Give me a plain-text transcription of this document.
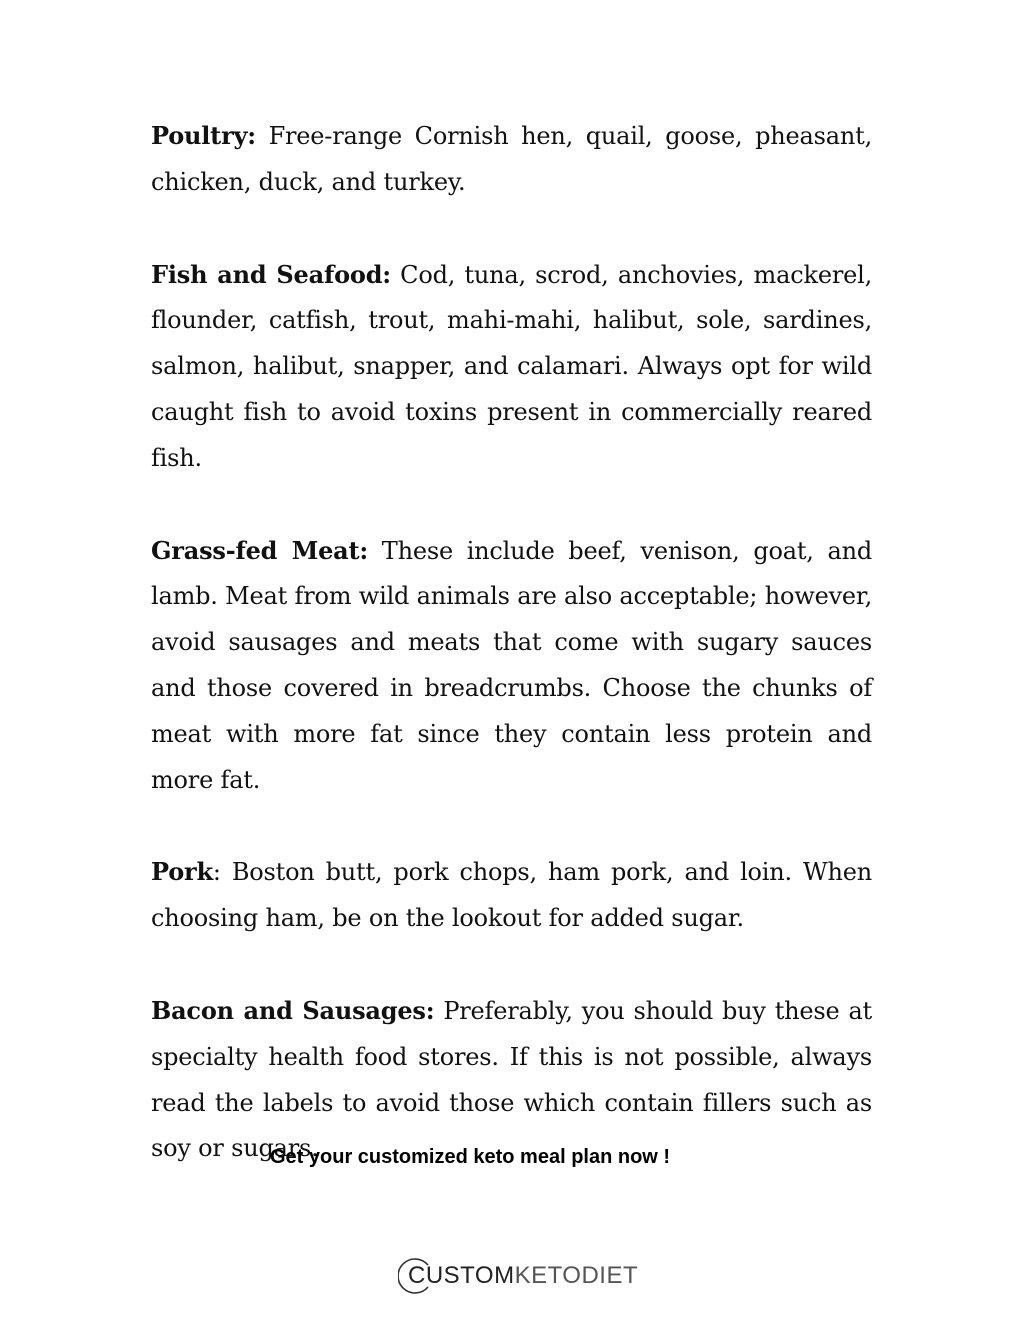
Poultry: Free-range Cornish hen, quail, goose, pheasant, chicken, duck, and turkey.

Fish and Seafood: Cod, tuna, scrod, anchovies, mackerel, flounder, catfish, trout, mahi-mahi, halibut, sole, sardines, salmon, halibut, snapper, and calamari. Always opt for wild caught fish to avoid toxins present in commercially reared fish.

Grass-fed Meat: These include beef, venison, goat, and lamb. Meat from wild animals are also acceptable; however, avoid sausages and meats that come with sugary sauces and those covered in breadcrumbs. Choose the chunks of meat with more fat since they contain less protein and more fat.

Pork: Boston butt, pork chops, ham pork, and loin. When choosing ham, be on the lookout for added sugar.

Bacon and Sausages: Preferably, you should buy these at specialty health food stores. If this is not possible, always read the labels to avoid those which contain fillers such as soy or sugars.

Get your customized keto meal plan now !
CUSTOM KETODIET
